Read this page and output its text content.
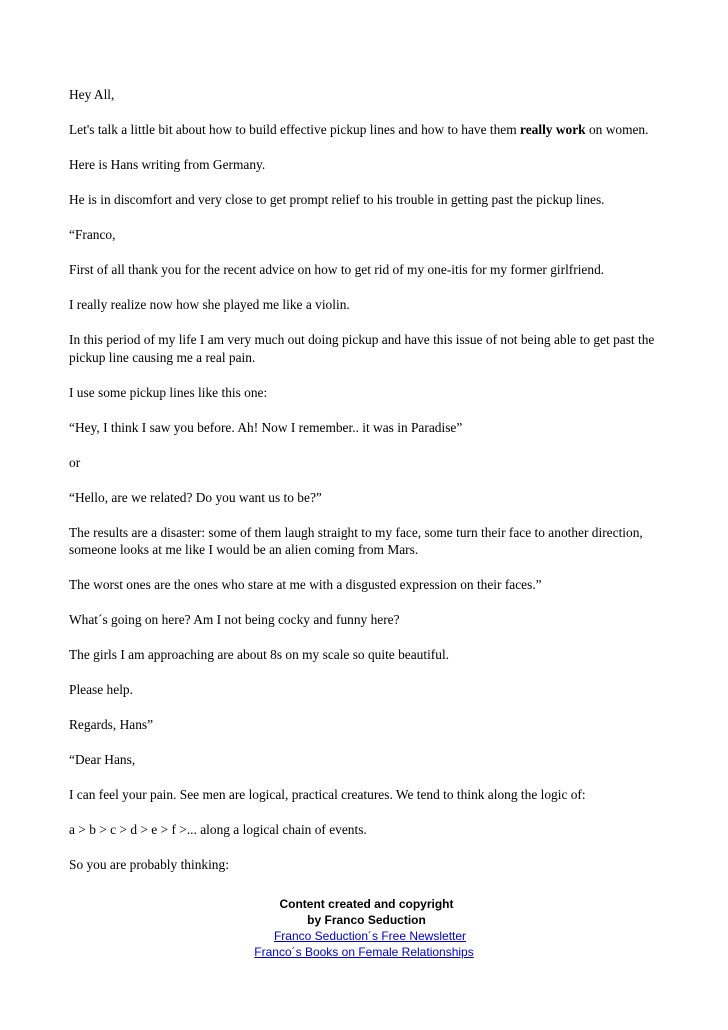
Hey All,

Let's talk a little bit about how to build effective pickup lines and how to have them really work on women.

Here is Hans writing from Germany.

He is in discomfort and very close to get prompt relief to his trouble in getting past the pickup lines.

“Franco,

First of all thank you for the recent advice on how to get rid of my one-itis for my former girlfriend.

I really realize now how she played me like a violin.

In this period of my life I am very much out doing pickup and have this issue of not being able to get past the pickup line causing me a real pain.

I use some pickup lines like this one:

“Hey, I think I saw you before. Ah! Now I remember.. it was in Paradise”

or

“Hello, are we related? Do you want us to be?”

The results are a disaster: some of them laugh straight to my face, some turn their face to another direction, someone looks at me like I would be an alien coming from Mars.

The worst ones are the ones who stare at me with a disgusted expression on their faces.”

What´s going on here? Am I not being cocky and funny here?

The girls I am approaching are about 8s on my scale so quite beautiful.

Please help.

Regards, Hans”

“Dear Hans,

I can feel your pain. See men are logical, practical creatures. We tend to think along the logic of:

a > b > c > d > e > f >... along a logical chain of events.

So you are probably thinking:

Content created and copyright
by Franco Seduction
Franco Seduction´s Free Newsletter
Franco´s Books on Female Relationships
